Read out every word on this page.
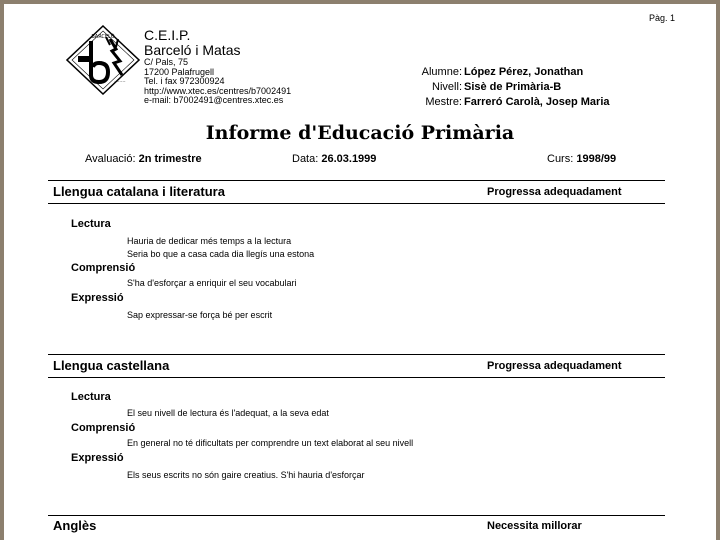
Pàg. 1
BARCELÓ
~~~~
C.E.I.P.
Barceló i Matas
C/ Pals, 75
17200 Palafrugell
Tel. i fax 972300924
http://www.xtec.es/centres/b7002491
e-mail: b7002491@centres.xtec.es
Alumne: López Pérez, Jonathan
Nivell: Sisè de Primària-B
Mestre: Farreró Carolà, Josep Maria
Informe d'Educació Primària
Avaluació: 2n trimestre	Data: 26.03.1999	Curs: 1998/99
Llengua catalana i literatura	Progressa adequadament
Lectura
Hauria de dedicar més temps a la lectura
Seria bo que a casa cada dia llegís una estona
Comprensió
S'ha d'esforçar a enriquir el seu vocabulari
Expressió
Sap expressar-se força bé per escrit
Llengua castellana	Progressa adequadament
Lectura
El seu nivell de lectura és l'adequat, a la seva edat
Comprensió
En general no té dificultats per comprendre un text elaborat al seu nivell
Expressió
Els seus escrits no són gaire creatius. S'hi hauria d'esforçar
Anglès	Necessita millorar
